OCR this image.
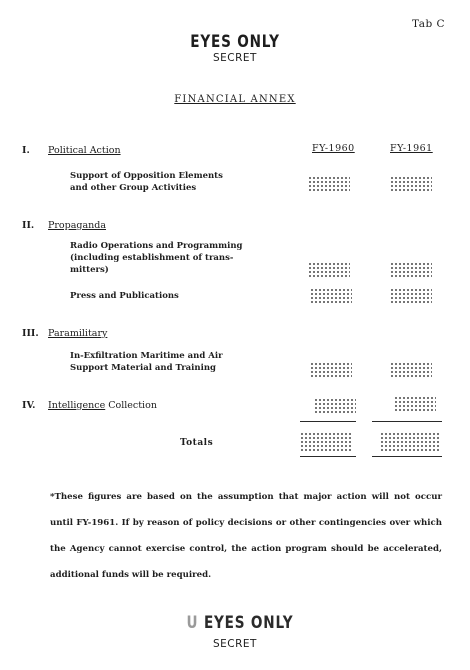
Tab C
EYES ONLY
SECRET
FINANCIAL ANNEX
FY-1960	FY-1961
I. Political Action
Support of Opposition Elements
and other Group Activities
II. Propaganda
Radio Operations and Programming
(including establishment of trans-
mitters)
Press and Publications
III. Paramilitary
In-Exfiltration Maritime and Air
Support Material and Training
IV. Intelligence Collection
Totals
*These figures are based on the assumption that major action will not occur until FY-1961. If by reason of policy decisions or other contingencies over which the Agency cannot exercise control, the action program should be accelerated, additional funds will be required.
U EYES ONLY
SECRET
